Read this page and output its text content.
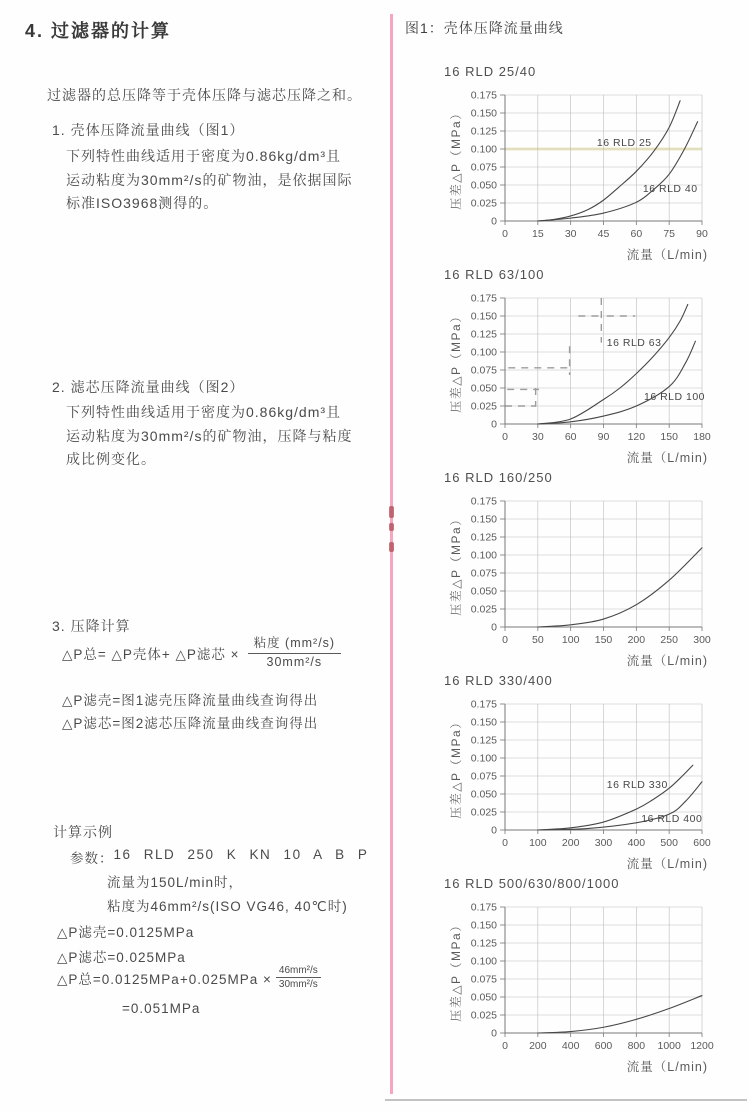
4. 过滤器的计算
过滤器的总压降等于壳体压降与滤芯压降之和。
1. 壳体压降流量曲线（图1）
下列特性曲线适用于密度为0.86kg/dm³且
运动粘度为30mm²/s的矿物油，是依据国际
标准ISO3968测得的。
2. 滤芯压降流量曲线（图2）
下列特性曲线适用于密度为0.86kg/dm³且
运动粘度为30mm²/s的矿物油，压降与粘度
成比例变化。
3. 压降计算
△P总= △P壳体+ △P滤芯 × $\frac{\text{粘度 (mm²/s)}}{\text{30mm²/s}}$
△P滤壳=图1滤壳压降流量曲线查询得出
△P滤芯=图2滤芯压降流量曲线查询得出
计算示例
参数： 16 RLD 250 K KN 10 A B P
流量为150L/min时，
粘度为46mm²/s(ISO VG46, 40℃时)
△P滤壳=0.0125MPa
△P滤芯=0.025MPa
△P总$=0.0125MPa+0.025MPa \times \frac{\text{46mm²/s}}{\text{30mm²/s}}$
=0.051MPa
图1：壳体压降流量曲线
16 RLD 25/40
0 15 30 45 60 75 90
0.175
0.150
0.125
0.100
0.075
0.050
0.025
0
压差△P（MPa）	16 RLD 25
16 RLD 40
流量（L/min)
16 RLD 63/100
0 30 60 90 120 150 180
0.175
0.150
0.125
0.100
0.075
0.050
0.025
0
压差△P（MPa）	16 RLD 63
16 RLD 100
流量（L/min)
16 RLD 160/250
0 50 100 150 200 250 300
0.175
0.150
0.125
0.100
0.075
0.050
0.025
0
压差△P（MPa）
流量（L/min)
16 RLD 330/400
0 100 200 300 400 500 600
0.175
0.150
0.125
0.100
0.075
0.050
0.025
0
压差△P（MPa）	16 RLD 330
16 RLD 400
流量（L/min)
16 RLD 500/630/800/1000
0 200 400 600 800 1000 1200
0.175
0.150
0.125
0.100
0.075
0.050
0.025
0
压差△P（MPa）
流量（L/min)
